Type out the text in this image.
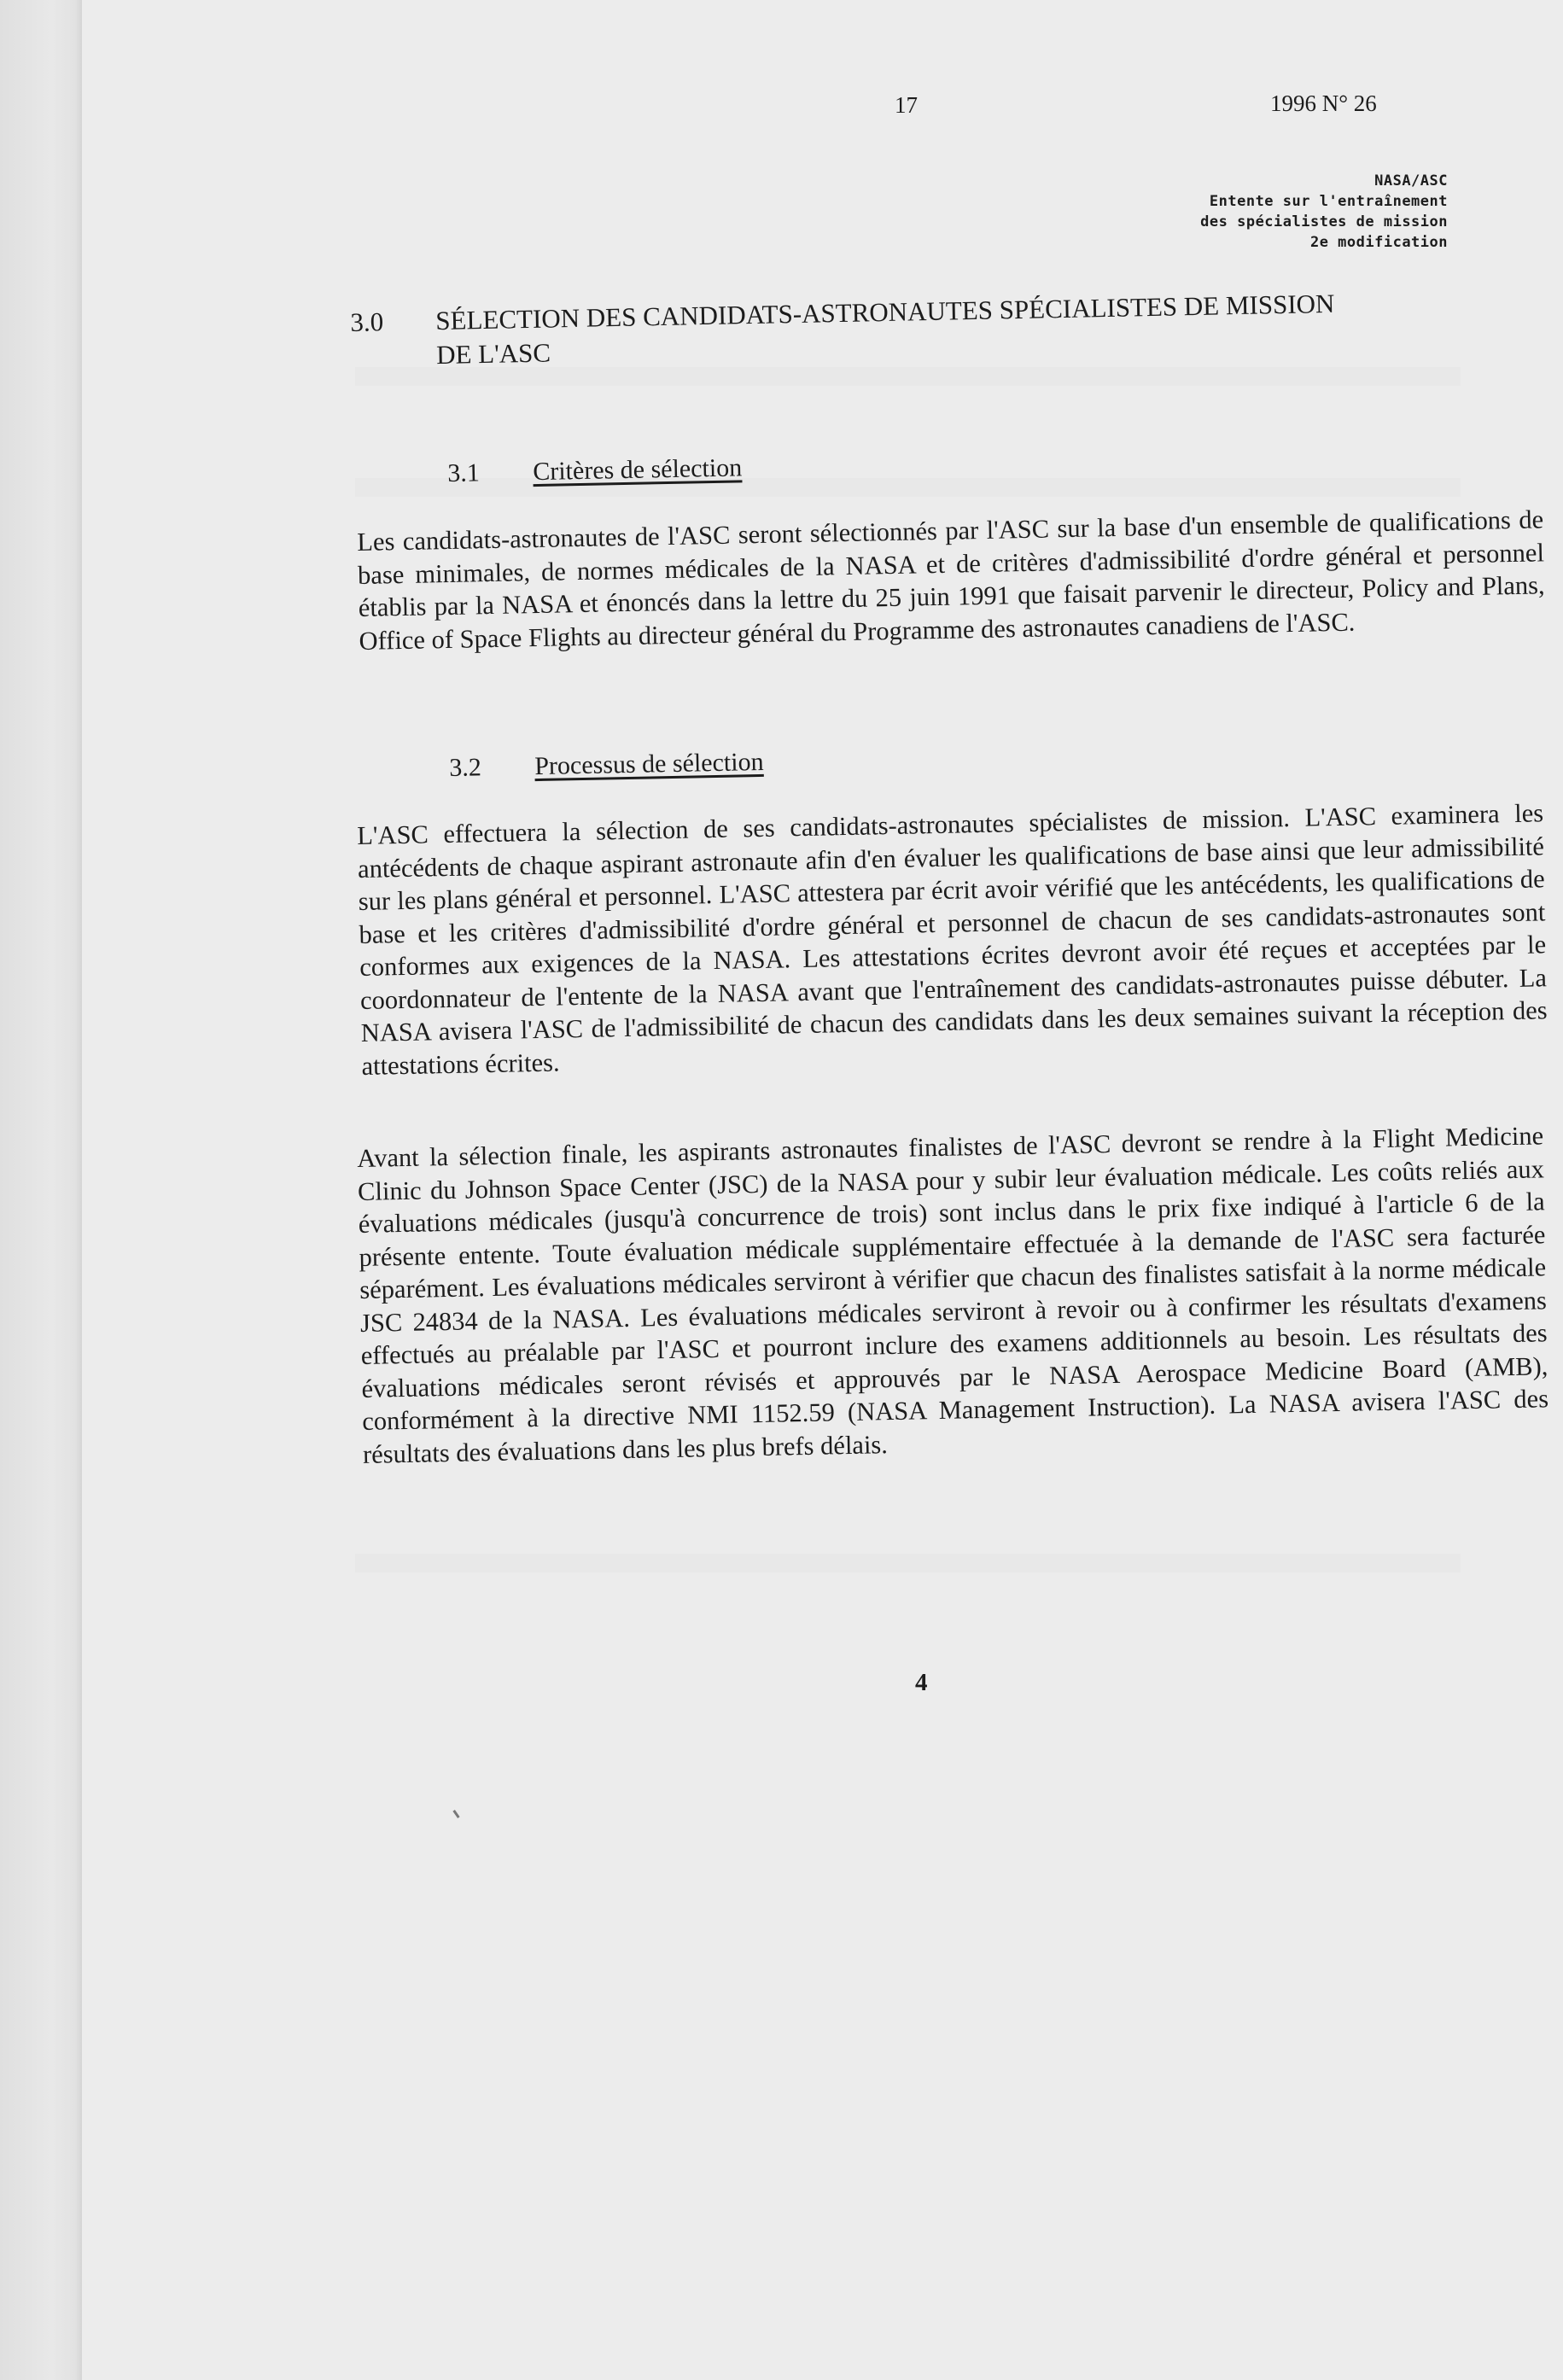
17	1996 N° 26
NASA/ASC
Entente sur l'entraînement
des spécialistes de mission
2e modification
3.0 SÉLECTION DES CANDIDATS-ASTRONAUTES SPÉCIALISTES DE MISSION
DE L'ASC
3.1 Critères de sélection

Les candidats-astronautes de l'ASC seront sélectionnés par l'ASC sur la base d'un ensemble de qualifications de base minimales, de normes médicales de la NASA et de critères d'admissibilité d'ordre général et personnel établis par la NASA et énoncés dans la lettre du 25 juin 1991 que faisait parvenir le directeur, Policy and Plans, Office of Space Flights au directeur général du Programme des astronautes canadiens de l'ASC.

3.2 Processus de sélection

L'ASC effectuera la sélection de ses candidats-astronautes spécialistes de mission. L'ASC examinera les antécédents de chaque aspirant astronaute afin d'en évaluer les qualifications de base ainsi que leur admissibilité sur les plans général et personnel. L'ASC attestera par écrit avoir vérifié que les antécédents, les qualifications de base et les critères d'admissibilité d'ordre général et personnel de chacun de ses candidats-astronautes sont conformes aux exigences de la NASA. Les attestations écrites devront avoir été reçues et acceptées par le coordonnateur de l'entente de la NASA avant que l'entraînement des candidats-astronautes puisse débuter. La NASA avisera l'ASC de l'admissibilité de chacun des candidats dans les deux semaines suivant la réception des attestations écrites.

Avant la sélection finale, les aspirants astronautes finalistes de l'ASC devront se rendre à la Flight Medicine Clinic du Johnson Space Center (JSC) de la NASA pour y subir leur évaluation médicale. Les coûts reliés aux évaluations médicales (jusqu'à concurrence de trois) sont inclus dans le prix fixe indiqué à l'article 6 de la présente entente. Toute évaluation médicale supplémentaire effectuée à la demande de l'ASC sera facturée séparément. Les évaluations médicales serviront à vérifier que chacun des finalistes satisfait à la norme médicale JSC 24834 de la NASA. Les évaluations médicales serviront à revoir ou à confirmer les résultats d'examens effectués au préalable par l'ASC et pourront inclure des examens additionnels au besoin. Les résultats des évaluations médicales seront révisés et approuvés par le NASA Aerospace Medicine Board (AMB), conformément à la directive NMI 1152.59 (NASA Management Instruction). La NASA avisera l'ASC des résultats des évaluations dans les plus brefs délais.

4
